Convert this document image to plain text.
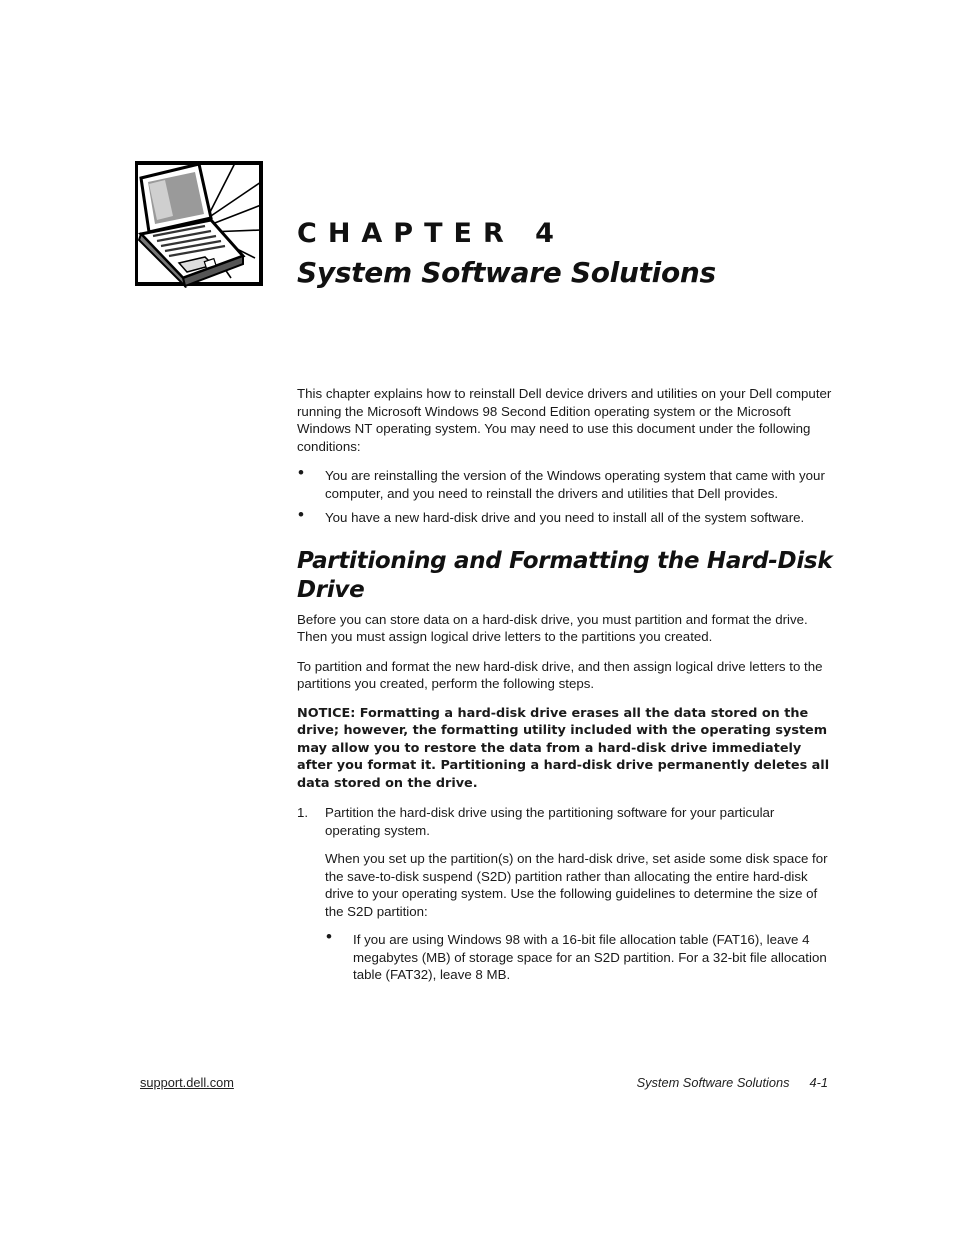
CHAPTER 4
System Software Solutions

This chapter explains how to reinstall Dell device drivers and utilities on your Dell computer running the Microsoft Windows 98 Second Edition operating system or the Microsoft Windows NT operating system. You may need to use this document under the following conditions:

• You are reinstalling the version of the Windows operating system that came with your computer, and you need to reinstall the drivers and utilities that Dell provides.
• You have a new hard-disk drive and you need to install all of the system software.
Partitioning and Formatting the Hard-Disk Drive

Before you can store data on a hard-disk drive, you must partition and format the drive. Then you must assign logical drive letters to the partitions you created.

To partition and format the new hard-disk drive, and then assign logical drive letters to the partitions you created, perform the following steps.

NOTICE: Formatting a hard-disk drive erases all the data stored on the drive; however, the formatting utility included with the operating system may allow you to restore the data from a hard-disk drive immediately after you format it. Partitioning a hard-disk drive permanently deletes all data stored on the drive.

1. Partition the hard-disk drive using the partitioning software for your particular operating system.

When you set up the partition(s) on the hard-disk drive, set aside some disk space for the save-to-disk suspend (S2D) partition rather than allocating the entire hard-disk drive to your operating system. Use the following guidelines to determine the size of the S2D partition:

• If you are using Windows 98 with a 16-bit file allocation table (FAT16), leave 4 megabytes (MB) of storage space for an S2D partition. For a 32-bit file allocation table (FAT32), leave 8 MB.
support.dell.com	System Software Solutions 4-1
